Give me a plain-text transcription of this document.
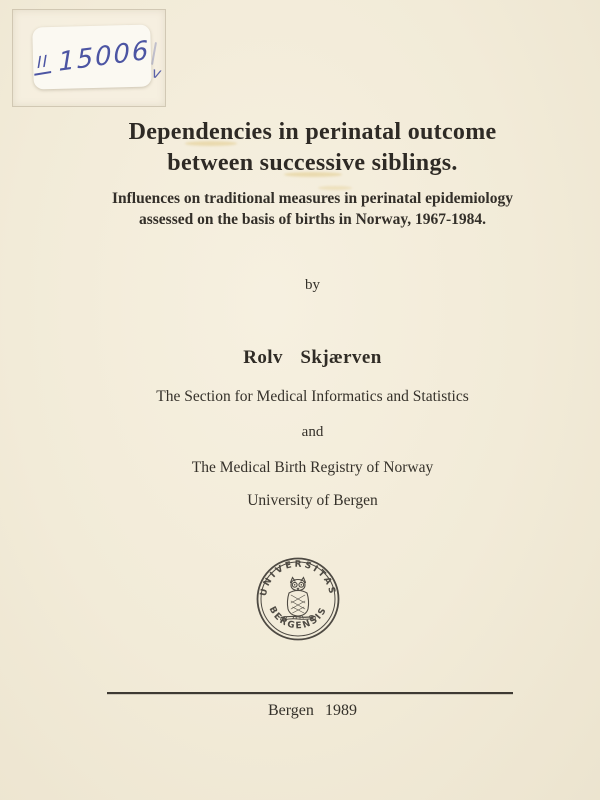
II 15006 v
Dependencies in perinatal outcome
between successive siblings.
Influences on traditional measures in perinatal epidemiology
assessed on the basis of births in Norway, 1967-1984.
by
Rolv Skjærven
The Section for Medical Informatics and Statistics
and
The Medical Birth Registry of Norway
University of Bergen
UNIVERSITAS
BERGENSIS
Bergen 1989
